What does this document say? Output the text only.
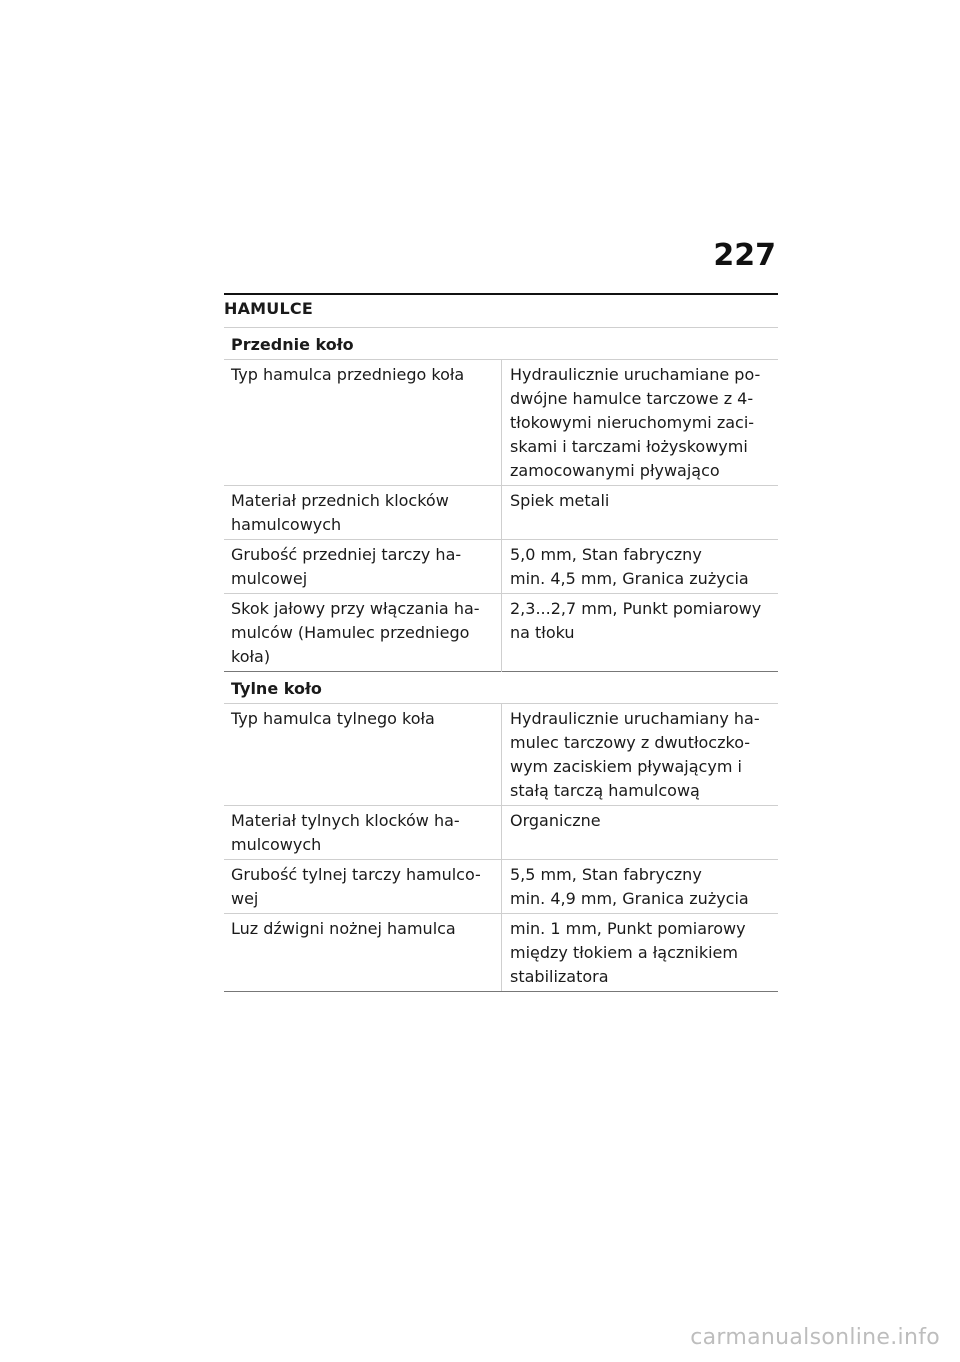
227
HAMULCE
Przednie koło	

Typ hamulca przedniego koła	Hydraulicznie uruchamiane po-
dwójne hamulce tarczowe z 4-
tłokowymi nieruchomymi zaci-
skami i tarczami łożyskowymi
zamocowanymi pływająco

Materiał przednich klocków
hamulcowych	Spiek metali

Grubość przedniej tarczy ha-
mulcowej	5,0 mm, Stan fabryczny
min. 4,5 mm, Granica zużycia

Skok jałowy przy włączania ha-
mulców (Hamulec przedniego
koła)	2,3...2,7 mm, Punkt pomiarowy
na tłoku

Tylne koło	

Typ hamulca tylnego koła	Hydraulicznie uruchamiany ha-
mulec tarczowy z dwutłoczko-
wym zaciskiem pływającym i
stałą tarczą hamulcową

Materiał tylnych klocków ha-
mulcowych	Organiczne

Grubość tylnej tarczy hamulco-
wej	5,5 mm, Stan fabryczny
min. 4,9 mm, Granica zużycia

Luz dźwigni nożnej hamulca	min. 1 mm, Punkt pomiarowy
między tłokiem a łącznikiem
stabilizatora
carmanualsonline.info
